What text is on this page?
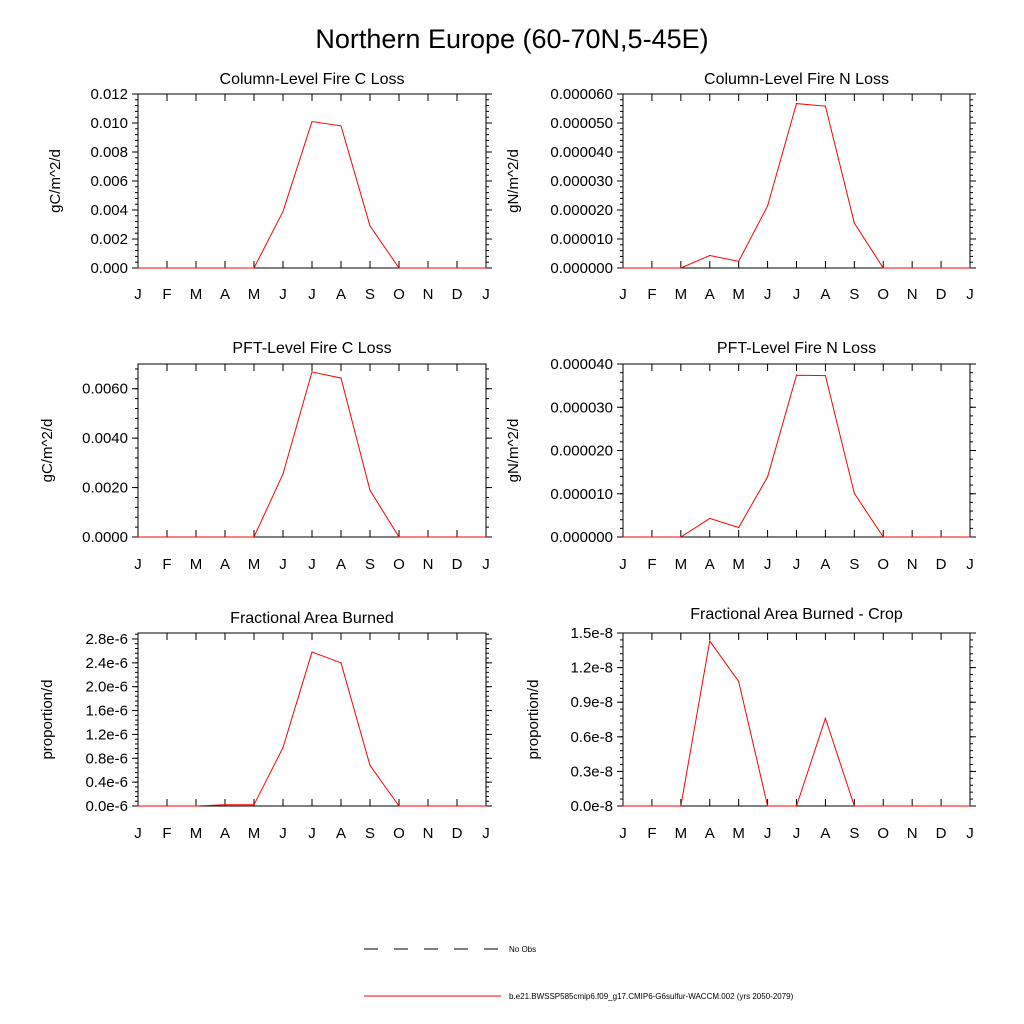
Northern Europe (60-70N,5-45E)
J F M A M J J A S O N D J
0.000
0.002
0.004
0.006
0.008
0.010
0.012
Column-Level Fire C Loss
gC/m^2/d
J F M A M J J A S O N D J
0.000000
0.000010
0.000020
0.000030
0.000040
0.000050
0.000060
Column-Level Fire N Loss
gN/m^2/d
J F M A M J J A S O N D J
0.0000
0.0020
0.0040
0.0060
PFT-Level Fire C Loss
gC/m^2/d
J F M A M J J A S O N D J
0.000000
0.000010
0.000020
0.000030
0.000040
PFT-Level Fire N Loss
gN/m^2/d
J F M A M J J A S O N D J
0.0e-6
0.4e-6
0.8e-6
1.2e-6
1.6e-6
2.0e-6
2.4e-6
2.8e-6
Fractional Area Burned
proportion/d
J F M A M J J A S O N D J
0.0e-8
0.3e-8
0.6e-8
0.9e-8
1.2e-8
1.5e-8
Fractional Area Burned - Crop
proportion/d
No Obs
b.e21.BWSSP585cmip6.f09_g17.CMIP6-G6sulfur-WACCM.002 (yrs 2050-2079)
